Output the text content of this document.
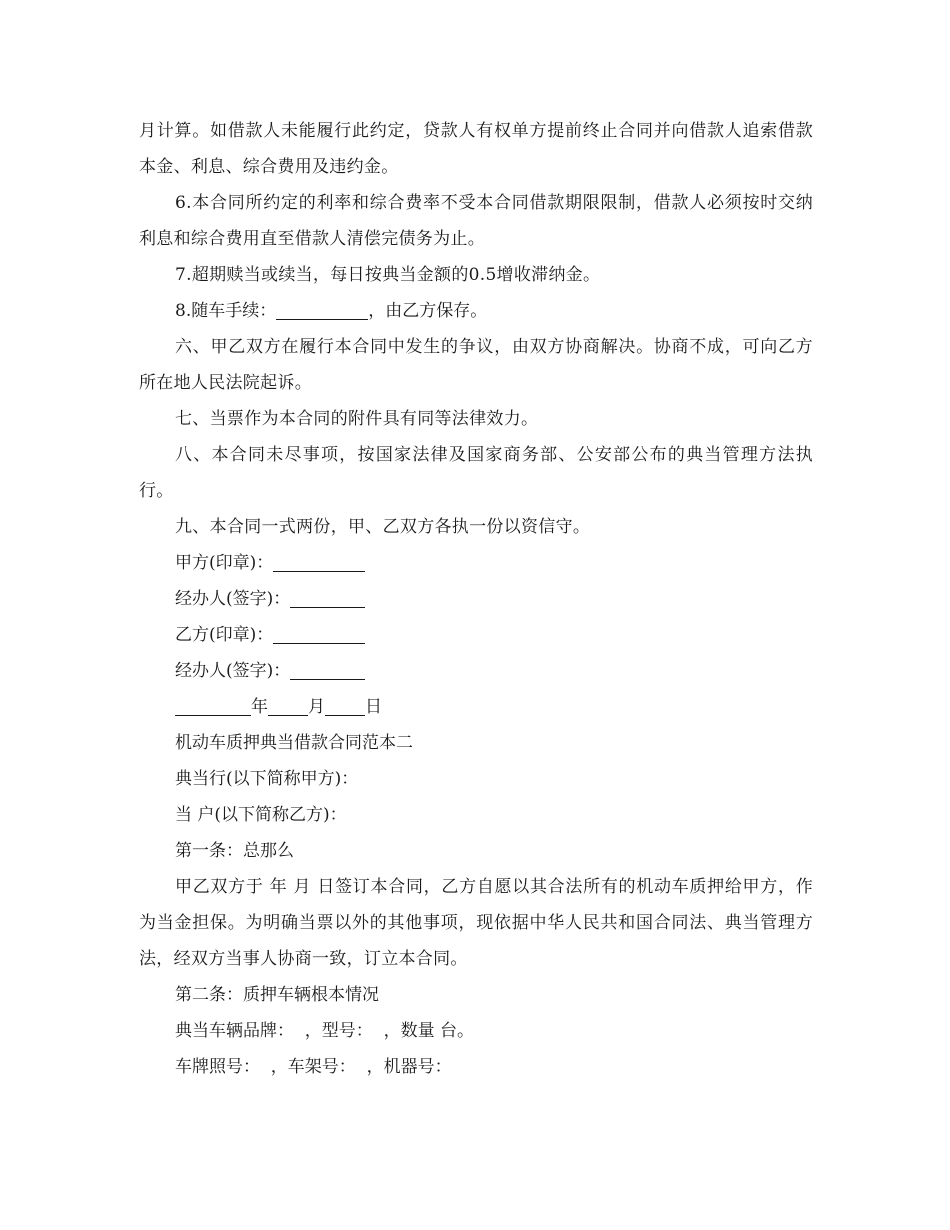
月计算。如借款人未能履行此约定，贷款人有权单方提前终止合同并向借款人追索借款本金、利息、综合费用及违约金。

6.本合同所约定的利率和综合费率不受本合同借款期限限制，借款人必须按时交纳利息和综合费用直至借款人清偿完债务为止。

7.超期赎当或续当，每日按典当金额的0.5增收滞纳金。

8.随车手续：	，由乙方保存。

六、甲乙双方在履行本合同中发生的争议，由双方协商解决。协商不成，可向乙方所在地人民法院起诉。

七、当票作为本合同的附件具有同等法律效力。

八、本合同未尽事项，按国家法律及国家商务部、公安部公布的典当管理方法执行。

九、本合同一式两份，甲、乙双方各执一份以资信守。

甲方(印章)：

经办人(签字)：

乙方(印章)：

经办人(签字)：

年 月 日

机动车质押典当借款合同范本二

典当行(以下简称甲方)：

当 户(以下简称乙方)：

第一条：总那么

甲乙双方于 年 月 日签订本合同，乙方自愿以其合法所有的机动车质押给甲方，作为当金担保。为明确当票以外的其他事项，现依据中华人民共和国合同法、典当管理方法，经双方当事人协商一致，订立本合同。

第二条：质押车辆根本情况

典当车辆品牌：  ，型号：  ，数量 台。

车牌照号：  ，车架号：  ，机器号：
